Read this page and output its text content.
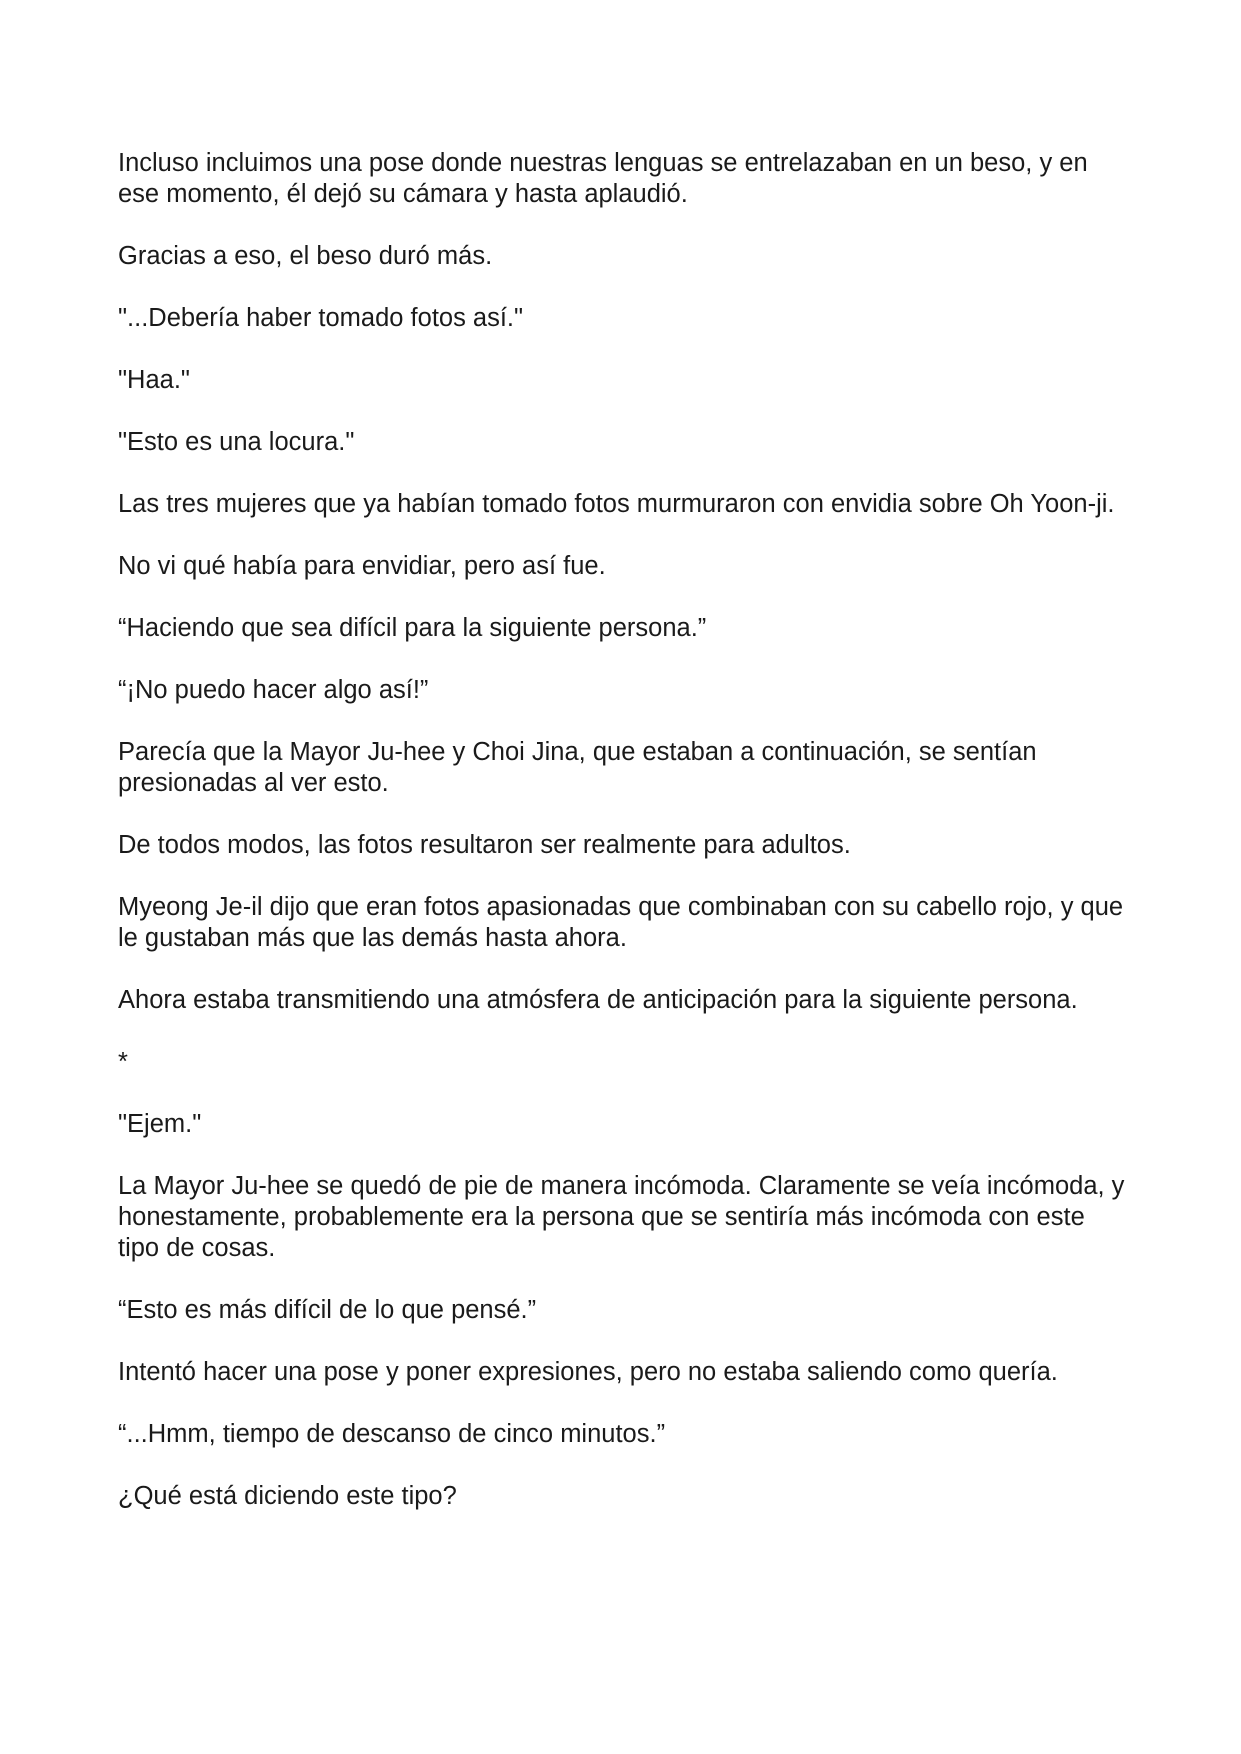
Incluso incluimos una pose donde nuestras lenguas se entrelazaban en un beso, y en ese momento, él dejó su cámara y hasta aplaudió.

Gracias a eso, el beso duró más.

"...Debería haber tomado fotos así."

"Haa."

"Esto es una locura."

Las tres mujeres que ya habían tomado fotos murmuraron con envidia sobre Oh Yoon-ji.

No vi qué había para envidiar, pero así fue.

“Haciendo que sea difícil para la siguiente persona.”

“¡No puedo hacer algo así!”

Parecía que la Mayor Ju-hee y Choi Jina, que estaban a continuación, se sentían presionadas al ver esto.

De todos modos, las fotos resultaron ser realmente para adultos.

Myeong Je-il dijo que eran fotos apasionadas que combinaban con su cabello rojo, y que le gustaban más que las demás hasta ahora.

Ahora estaba transmitiendo una atmósfera de anticipación para la siguiente persona.

*

"Ejem."

La Mayor Ju-hee se quedó de pie de manera incómoda. Claramente se veía incómoda, y honestamente, probablemente era la persona que se sentiría más incómoda con este tipo de cosas.

“Esto es más difícil de lo que pensé.”

Intentó hacer una pose y poner expresiones, pero no estaba saliendo como quería.

“...Hmm, tiempo de descanso de cinco minutos.”

¿Qué está diciendo este tipo?
